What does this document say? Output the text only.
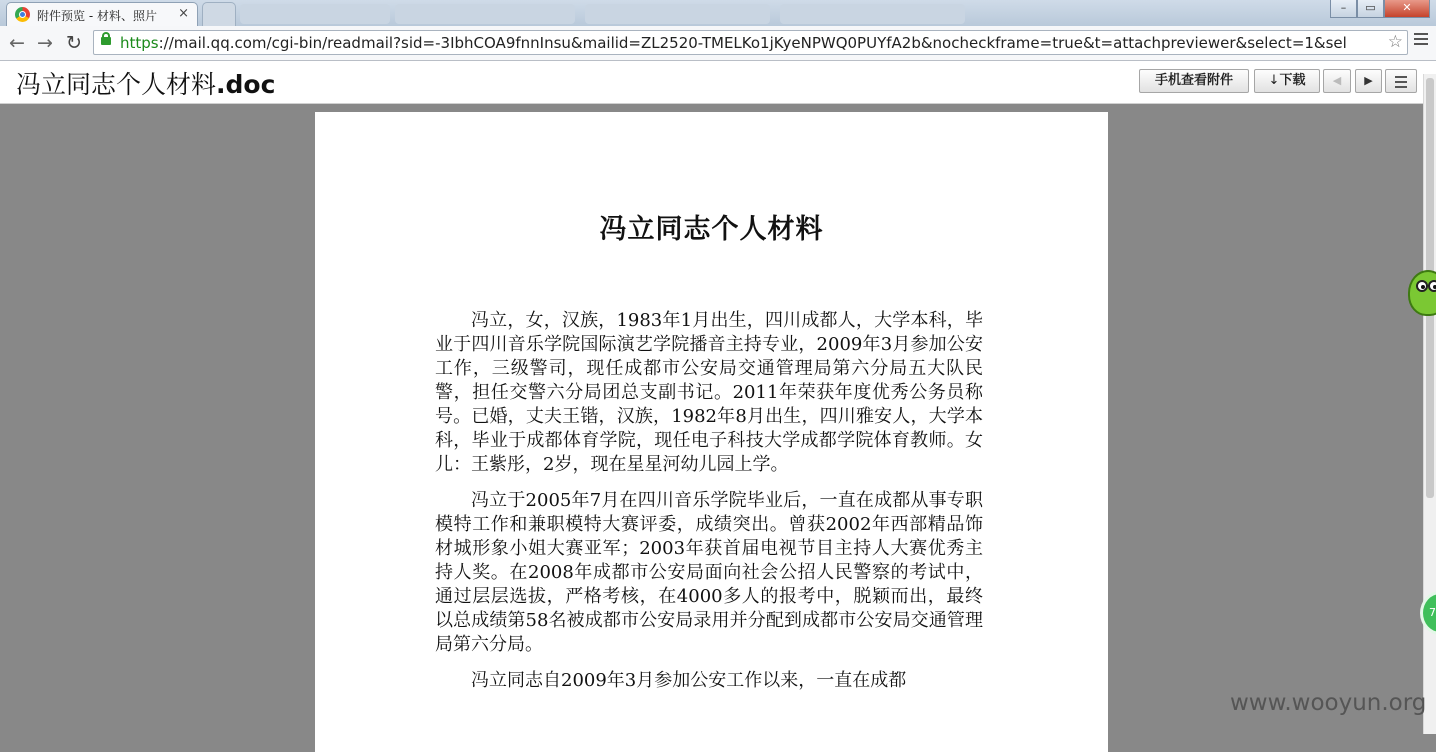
附件预览 - 材料、照片 ×	–	▭	✕
← → ↻	https://mail.qq.com/cgi-bin/readmail?sid=-3IbhCOA9fnnInsu&mailid=ZL2520-TMELKo1jKyeNPWQ0PUYfA2b&nocheckframe=true&t=attachpreviewer&select=1&sel	☆
冯立同志个人材料.doc	手机查看附件	↓下载	◀	▶
冯立同志个人材料

冯立，女，汉族，1983年1月出生，四川成都人，大学本科，毕业于四川音乐学院国际演艺学院播音主持专业，2009年3月参加公安工作，三级警司，现任成都市公安局交通管理局第六分局五大队民警，担任交警六分局团总支副书记。2011年荣获年度优秀公务员称号。已婚，丈夫王锴，汉族，1982年8月出生，四川雅安人，大学本科，毕业于成都体育学院，现任电子科技大学成都学院体育教师。女儿：王紫彤，2岁，现在星星河幼儿园上学。

冯立于2005年7月在四川音乐学院毕业后，一直在成都从事专职模特工作和兼职模特大赛评委，成绩突出。曾获2002年西部精品饰材城形象小姐大赛亚军；2003年获首届电视节目主持人大赛优秀主持人奖。在2008年成都市公安局面向社会公招人民警察的考试中，通过层层选拔，严格考核，在4000多人的报考中，脱颖而出，最终以总成绩第58名被成都市公安局录用并分配到成都市公安局交通管理局第六分局。

冯立同志自2009年3月参加公安工作以来，一直在成都

7
www.wooyun.org
